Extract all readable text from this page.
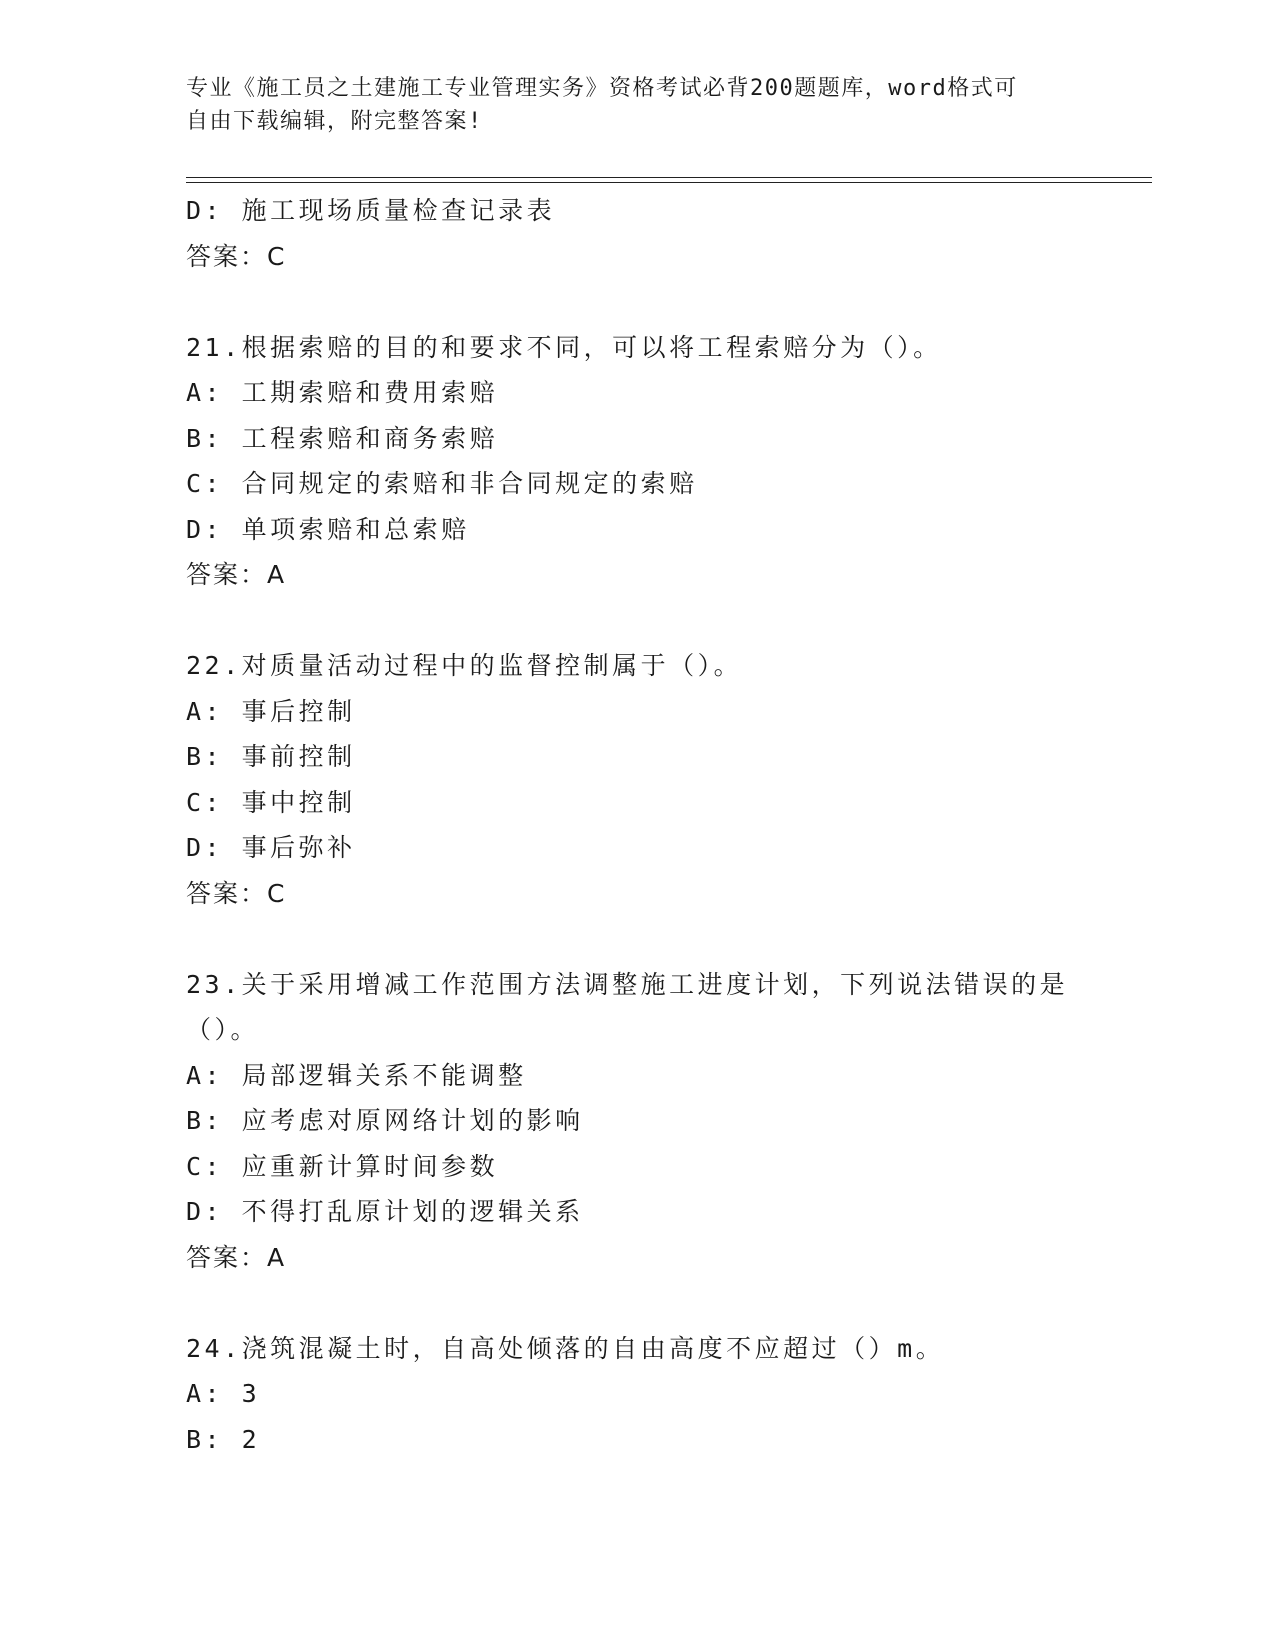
专业《施工员之土建施工专业管理实务》资格考试必背200题题库，word格式可
自由下载编辑，附完整答案!
D: 施工现场质量检查记录表
答案：C
21.根据索赔的目的和要求不同，可以将工程索赔分为（）。
A: 工期索赔和费用索赔
B: 工程索赔和商务索赔
C: 合同规定的索赔和非合同规定的索赔
D: 单项索赔和总索赔
答案：A
22.对质量活动过程中的监督控制属于（）。
A: 事后控制
B: 事前控制
C: 事中控制
D: 事后弥补
答案：C
23.关于采用增减工作范围方法调整施工进度计划，下列说法错误的是
（）。
A: 局部逻辑关系不能调整
B: 应考虑对原网络计划的影响
C: 应重新计算时间参数
D: 不得打乱原计划的逻辑关系
答案：A
24.浇筑混凝土时，自高处倾落的自由高度不应超过（）m。
A: 3
B: 2
